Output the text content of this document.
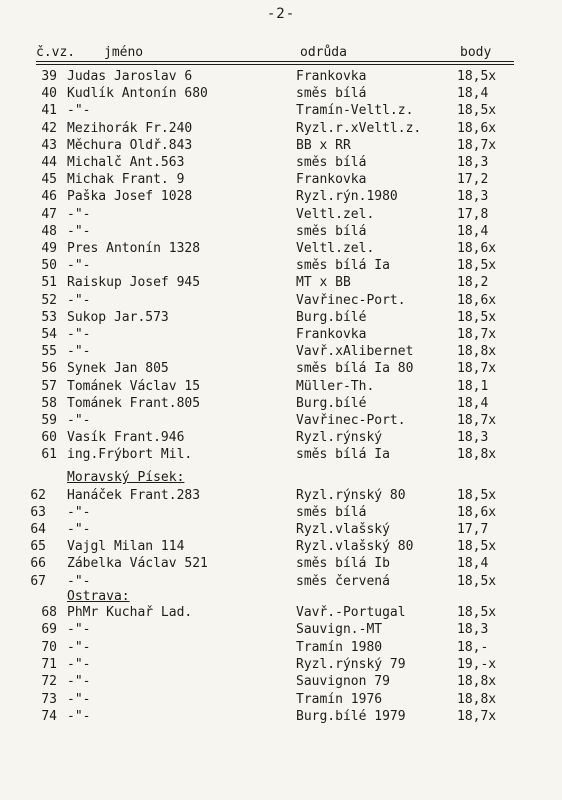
-2-
č.vz. jméno	odrůda	body
39 Judas Jaroslav 6	Frankovka	18,5x
40 Kudlík Antonín 680	směs bílá	18,4
41 -"-	Tramín-Veltl.z.	18,5x
42 Mezihorák Fr.240	Ryzl.r.xVeltl.z.	18,6x
43 Měchura Oldř.843	BB x RR	18,7x
44 Michalč Ant.563	směs bílá	18,3
45 Michak Frant. 9	Frankovka	17,2
46 Paška Josef 1028	Ryzl.rýn.1980	18,3
47 -"-	Veltl.zel.	17,8
48 -"-	směs bílá	18,4
49 Pres Antonín 1328	Veltl.zel.	18,6x
50 -"-	směs bílá Ia	18,5x
51 Raiskup Josef 945	MT x BB	18,2
52 -"-	Vavřinec-Port.	18,6x
53 Sukop Jar.573	Burg.bílé	18,5x
54 -"-	Frankovka	18,7x
55 -"-	Vavř.xAlibernet	18,8x
56 Synek Jan 805	směs bílá Ia 80	18,7x
57 Tománek Václav 15	Müller-Th.	18,1
58 Tománek Frant.805	Burg.bílé	18,4
59 -"-	Vavřinec-Port.	18,7x
60 Vasík Frant.946	Ryzl.rýnský	18,3
61 ing.Frýbort Mil.	směs bílá Ia	18,8x
Moravský Písek:
62 Hanáček Frant.283	Ryzl.rýnský 80	18,5x
63 -"-	směs bílá	18,6x
64 -"-	Ryzl.vlašský	17,7
65 Vajgl Milan 114	Ryzl.vlašský 80	18,5x
66 Zábelka Václav 521	směs bílá Ib	18,4
67 -"-	směs červená	18,5x
Ostrava:
68 PhMr Kuchař Lad.	Vavř.-Portugal	18,5x
69 -"-	Sauvign.-MT	18,3
70 -"-	Tramín 1980	18,-
71 -"-	Ryzl.rýnský 79	19,-x
72 -"-	Sauvignon 79	18,8x
73 -"-	Tramín 1976	18,8x
74 -"-	Burg.bílé 1979	18,7x
